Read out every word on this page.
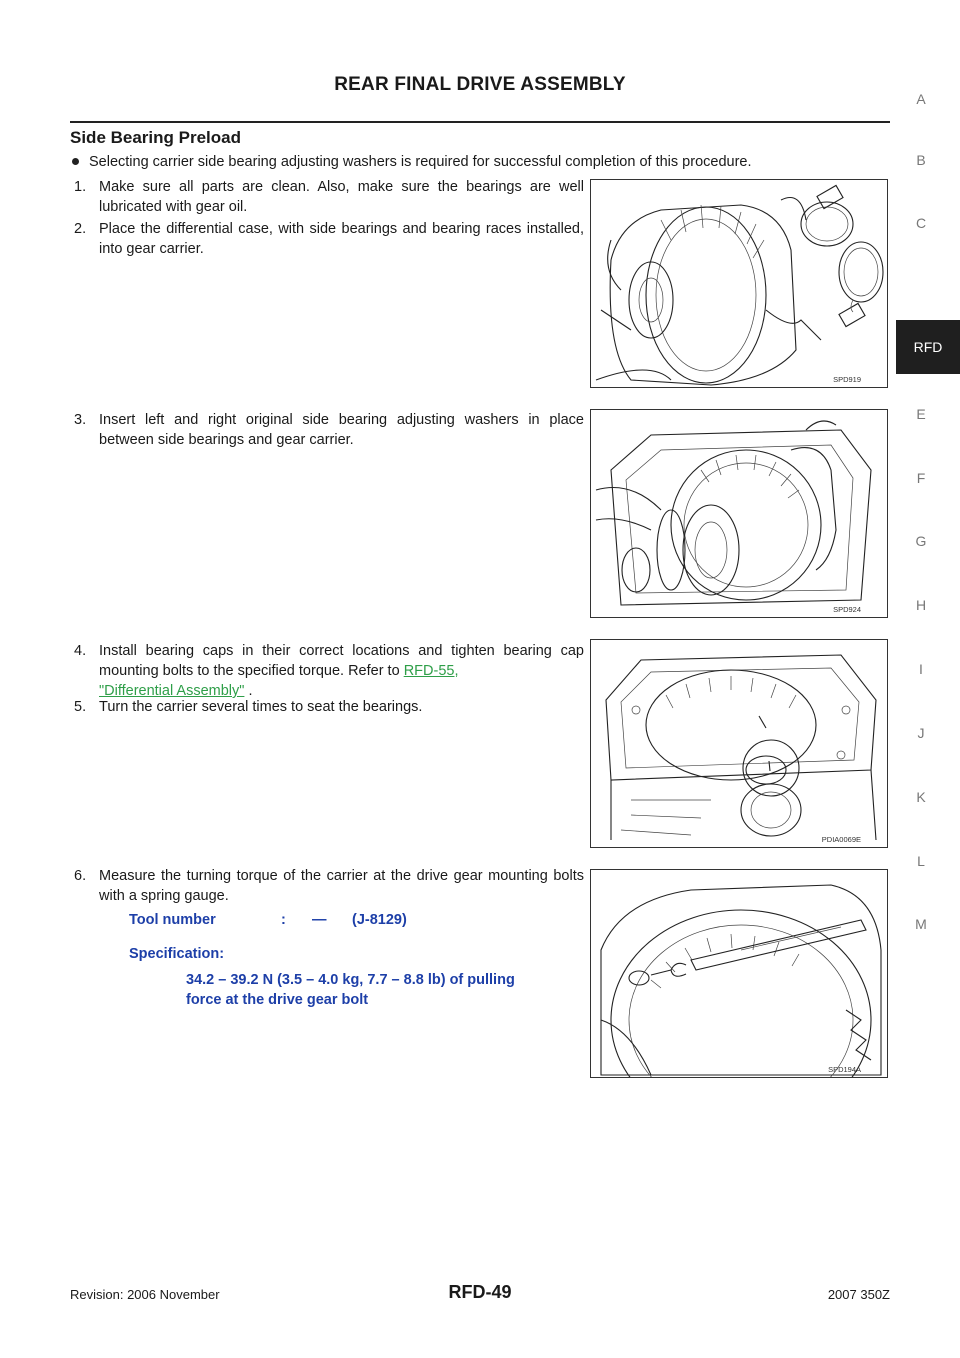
REAR FINAL DRIVE ASSEMBLY
Side Bearing Preload
Selecting carrier side bearing adjusting washers is required for successful completion of this procedure.
1. Make sure all parts are clean. Also, make sure the bearings are well lubricated with gear oil.
2. Place the differential case, with side bearings and bearing races installed, into gear carrier.
3. Insert left and right original side bearing adjusting washers in place between side bearings and gear carrier.
4. Install bearing caps in their correct locations and tighten bearing cap mounting bolts to the specified torque. Refer to RFD-55,
"Differential Assembly" .
5. Turn the carrier several times to seat the bearings.
6. Measure the turning torque of the carrier at the drive gear mounting bolts with a spring gauge.
Tool number	: — (J-8129)
Specification:
34.2 – 39.2 N (3.5 – 4.0 kg, 7.7 – 8.8 lb) of pulling
force at the drive gear bolt
SPD919
SPD924
PDIA0069E
SPD194A
A
B
C
RFD
E
F
G
H
I
J
K
L
M
Revision: 2006 November	RFD-49	2007 350Z
